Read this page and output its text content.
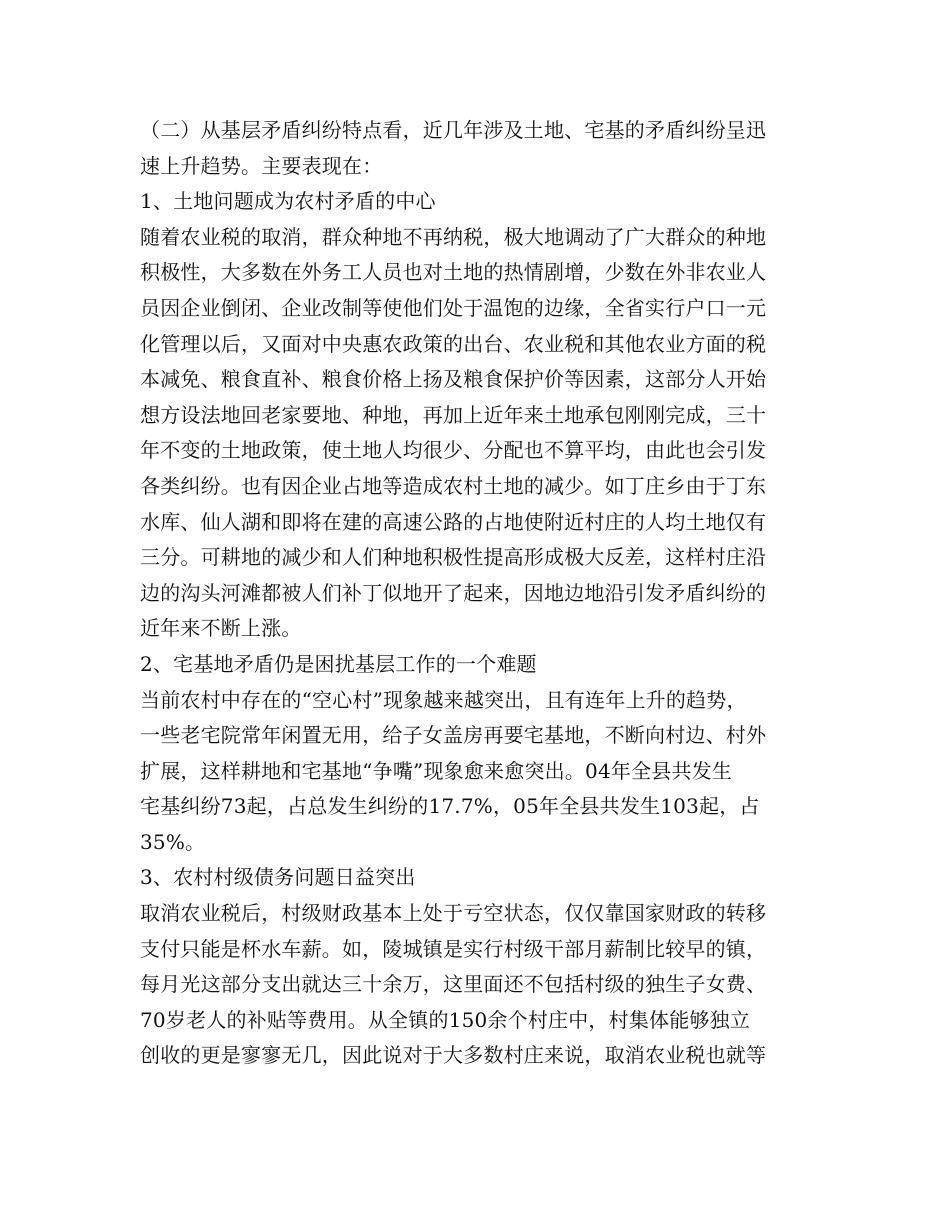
（二）从基层矛盾纠纷特点看，近几年涉及土地、宅基的矛盾纠纷呈迅
速上升趋势。主要表现在：
1、土地问题成为农村矛盾的中心
随着农业税的取消，群众种地不再纳税，极大地调动了广大群众的种地
积极性，大多数在外务工人员也对土地的热情剧增，少数在外非农业人
员因企业倒闭、企业改制等使他们处于温饱的边缘，全省实行户口一元
化管理以后，又面对中央惠农政策的出台、农业税和其他农业方面的税
本减免、粮食直补、粮食价格上扬及粮食保护价等因素，这部分人开始
想方设法地回老家要地、种地，再加上近年来土地承包刚刚完成，三十
年不变的土地政策，使土地人均很少、分配也不算平均，由此也会引发
各类纠纷。也有因企业占地等造成农村土地的减少。如丁庄乡由于丁东
水库、仙人湖和即将在建的高速公路的占地使附近村庄的人均土地仅有
三分。可耕地的减少和人们种地积极性提高形成极大反差，这样村庄沿
边的沟头河滩都被人们补丁似地开了起来，因地边地沿引发矛盾纠纷的
近年来不断上涨。
2、宅基地矛盾仍是困扰基层工作的一个难题
当前农村中存在的“空心村”现象越来越突出，且有连年上升的趋势，
一些老宅院常年闲置无用，给子女盖房再要宅基地，不断向村边、村外
扩展，这样耕地和宅基地“争嘴”现象愈来愈突出。04年全县共发生
宅基纠纷73起，占总发生纠纷的17.7%，05年全县共发生103起，占
35%。
3、农村村级债务问题日益突出
取消农业税后，村级财政基本上处于亏空状态，仅仅靠国家财政的转移
支付只能是杯水车薪。如，陵城镇是实行村级干部月薪制比较早的镇，
每月光这部分支出就达三十余万，这里面还不包括村级的独生子女费、
70岁老人的补贴等费用。从全镇的150余个村庄中，村集体能够独立
创收的更是寥寥无几，因此说对于大多数村庄来说，取消农业税也就等
